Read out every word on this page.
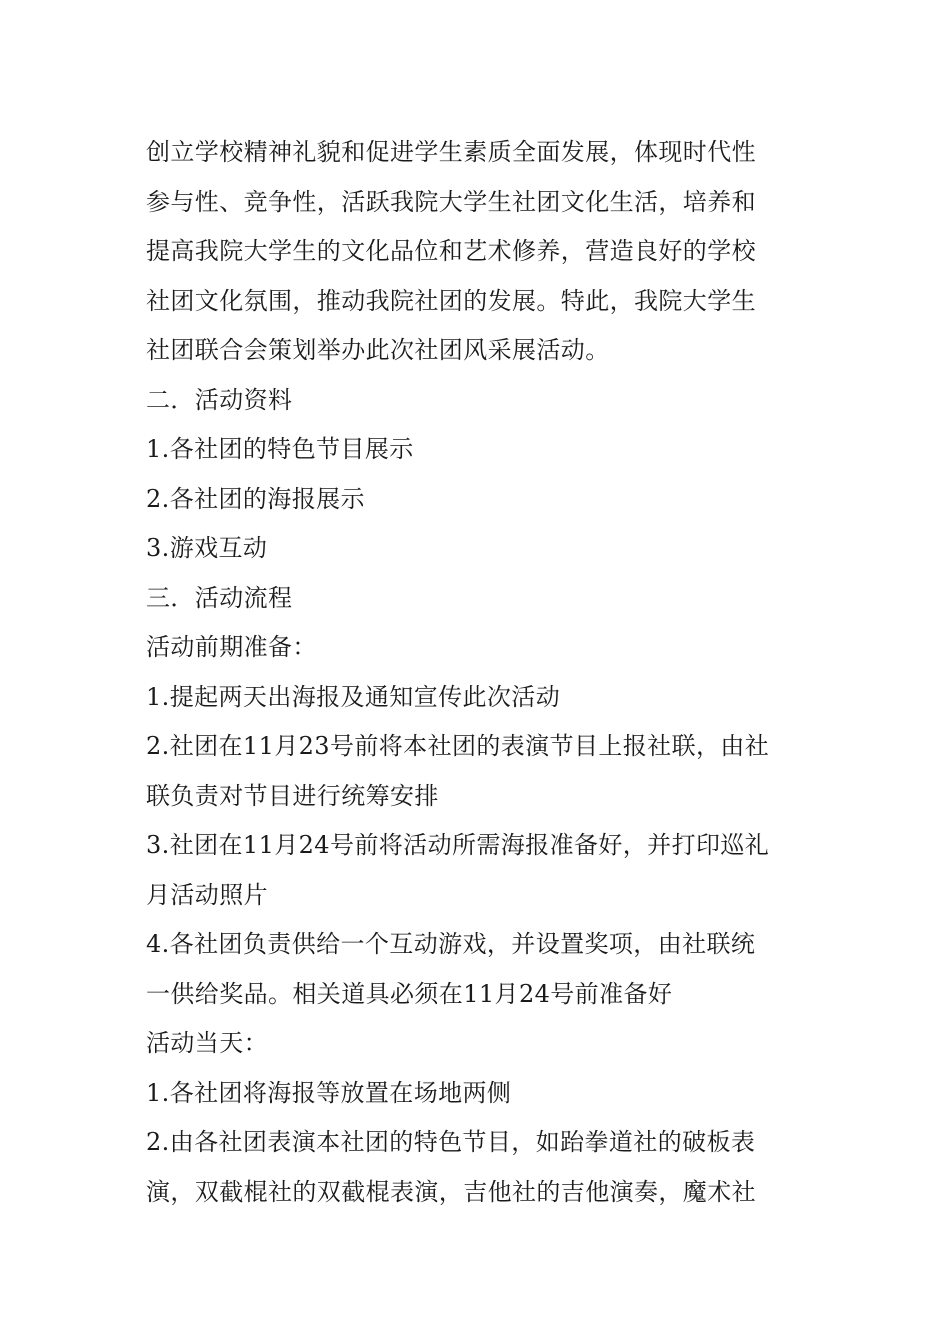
创立学校精神礼貌和促进学生素质全面发展，体现时代性
参与性、竞争性，活跃我院大学生社团文化生活，培养和
提高我院大学生的文化品位和艺术修养，营造良好的学校
社团文化氛围，推动我院社团的发展。特此，我院大学生
社团联合会策划举办此次社团风采展活动。
二．活动资料
1.各社团的特色节目展示
2.各社团的海报展示
3.游戏互动
三．活动流程
活动前期准备：
1.提起两天出海报及通知宣传此次活动
2.社团在11月23号前将本社团的表演节目上报社联，由社
联负责对节目进行统筹安排
3.社团在11月24号前将活动所需海报准备好，并打印巡礼
月活动照片
4.各社团负责供给一个互动游戏，并设置奖项，由社联统
一供给奖品。相关道具必须在11月24号前准备好
活动当天：
1.各社团将海报等放置在场地两侧
2.由各社团表演本社团的特色节目，如跆拳道社的破板表
演，双截棍社的双截棍表演，吉他社的吉他演奏，魔术社
